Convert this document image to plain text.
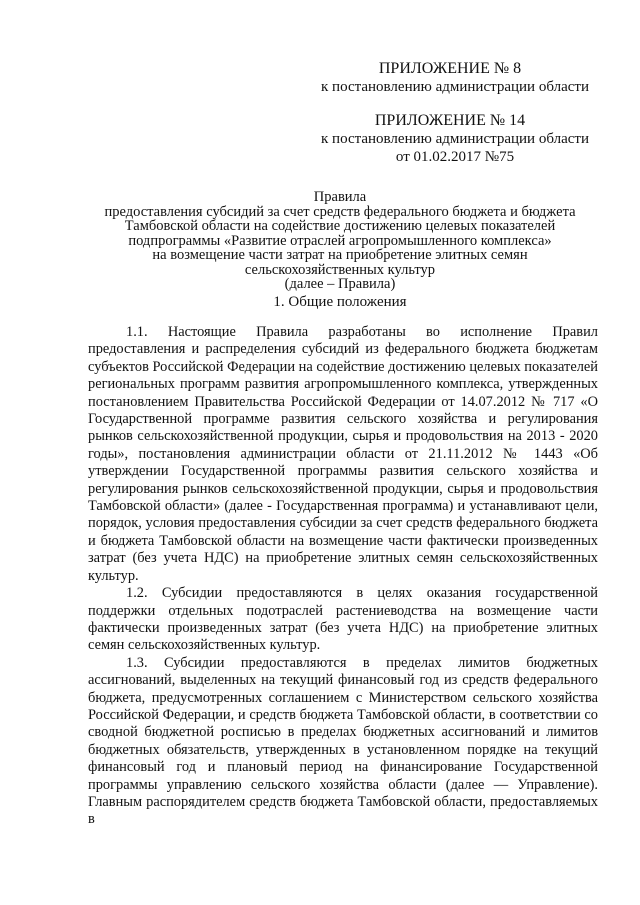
ПРИЛОЖЕНИЕ № 8
к постановлению администрации области
ПРИЛОЖЕНИЕ № 14
к постановлению администрации области
от 01.02.2017 №75
Правила
предоставления субсидий за счет средств федерального бюджета и бюджета
Тамбовской области на содействие достижению целевых показателей
подпрограммы «Развитие отраслей агропромышленного комплекса»
на возмещение части затрат на приобретение элитных семян
сельскохозяйственных культур
(далее – Правила)
1. Общие положения

1.1. Настоящие Правила разработаны во исполнение Правил предоставления и распределения субсидий из федерального бюджета бюджетам субъектов Российской Федерации на содействие достижению целевых показателей региональных программ развития агропромышленного комплекса, утвержденных постановлением Правительства Российской Федерации от 14.07.2012 № 717 «О Государственной программе развития сельского хозяйства и регулирования рынков сельскохозяйственной продукции, сырья и продовольствия на 2013 - 2020 годы», постановления администрации области от 21.11.2012 № 1443 «Об утверждении Государственной программы развития сельского хозяйства и регулирования рынков сельскохозяйственной продукции, сырья и продовольствия Тамбовской области» (далее - Государственная программа) и устанавливают цели, порядок, условия предоставления субсидии за счет средств федерального бюджета и бюджета Тамбовской области на возмещение части фактически произведенных затрат (без учета НДС) на приобретение элитных семян сельскохозяйственных культур.

1.2. Субсидии предоставляются в целях оказания государственной поддержки отдельных подотраслей растениеводства на возмещение части фактически произведенных затрат (без учета НДС) на приобретение элитных семян сельскохозяйственных культур.

1.3. Субсидии предоставляются в пределах лимитов бюджетных ассигнований, выделенных на текущий финансовый год из средств федерального бюджета, предусмотренных соглашением с Министерством сельского хозяйства Российской Федерации, и средств бюджета Тамбовской области, в соответствии со сводной бюджетной росписью в пределах бюджетных ассигнований и лимитов бюджетных обязательств, утвержденных в установленном порядке на текущий финансовый год и плановый период на финансирование Государственной программы управлению сельского хозяйства области (далее — Управление). Главным распорядителем средств бюджета Тамбовской области, предоставляемых в
